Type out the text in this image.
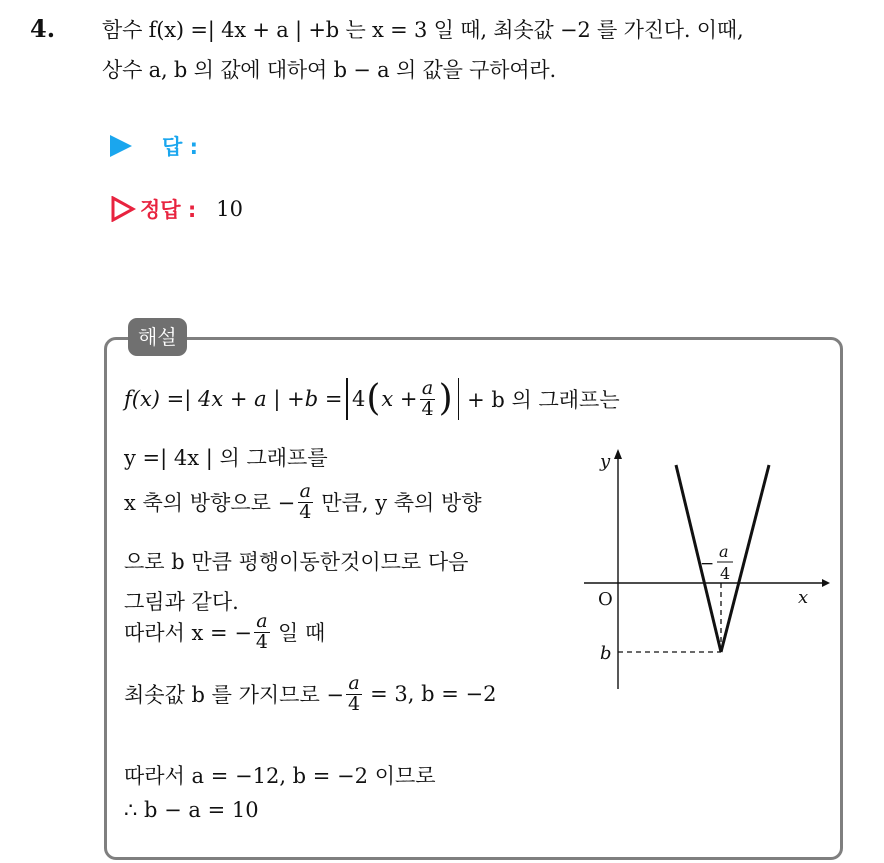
4. 함수 f(x) =| 4x + a | +b 는 x = 3 일 때, 최솟값 −2 를 가진다. 이때,
상수 a, b 의 값에 대하여 b − a 의 값을 구하여라.
답 :
정답 : 10
해설
f(x) =| 4x + a | +b = 4 ( $x + \frac{a}{4}$ ) + b 의 그래프는
y =| 4x | 의 그래프를
x 축의 방향으로 − $\frac{a}{4}$ 만큼, y 축의 방향
으로 b 만큼 평행이동한것이므로 다음
그림과 같다.
따라서 x = − $\frac{a}{4}$ 일 때
최솟값 b 를 가지므로 − $\frac{a}{4} = 3$, b = −2
따라서 a = −12, b = −2 이므로
∴ b − a = 10
y
x
O
b
−
a
4
